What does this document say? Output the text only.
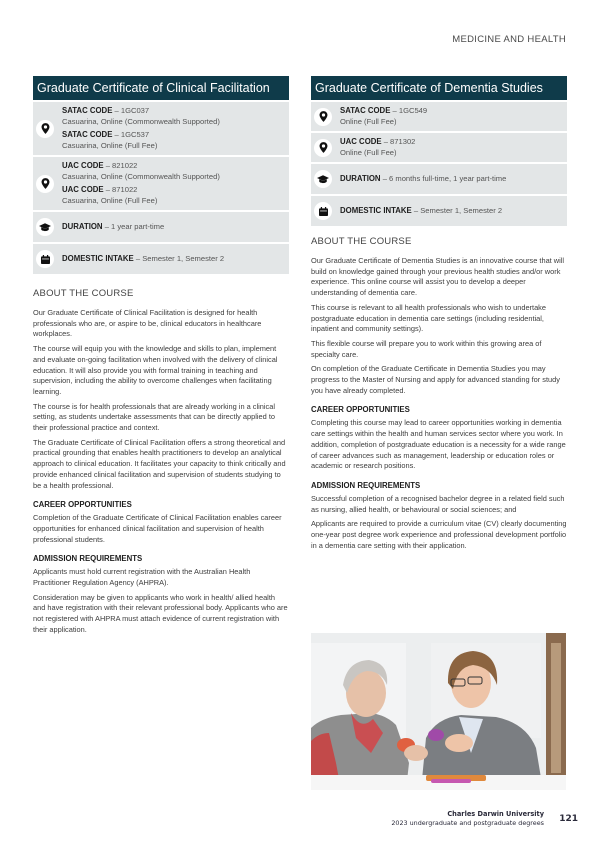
MEDICINE AND HEALTH
Graduate Certificate of Clinical Facilitation
SATAC CODE – 1GC037
Casuarina, Online (Commonwealth Supported)
SATAC CODE – 1GC537
Casuarina, Online (Full Fee)
UAC CODE – 821022
Casuarina, Online (Commonwealth Supported)
UAC CODE – 871022
Casuarina, Online (Full Fee)
DURATION – 1 year part-time
DOMESTIC INTAKE – Semester 1, Semester 2
ABOUT THE COURSE

Our Graduate Certificate of Clinical Facilitation is designed for health professionals who are, or aspire to be, clinical educators in healthcare workplaces.

The course will equip you with the knowledge and skills to plan, implement and evaluate on-going facilitation when involved with the delivery of clinical education. It will also provide you with formal training in teaching and supervision, including the ability to overcome challenges when facilitating learning.

The course is for health professionals that are already working in a clinical setting, as students undertake assessments that can be directly applied to their professional practice and context.

The Graduate Certificate of Clinical Facilitation offers a strong theoretical and practical grounding that enables health practitioners to develop an analytical approach to clinical education. It facilitates your capacity to think critically and provide enhanced clinical facilitation and supervision of students studying to be a health professional.

CAREER OPPORTUNITIES

Completion of the Graduate Certificate of Clinical Facilitation enables career opportunities for enhanced clinical facilitation and supervision of health professional students.

ADMISSION REQUIREMENTS

Applicants must hold current registration with the Australian Health Practitioner Regulation Agency (AHPRA).

Consideration may be given to applicants who work in health/ allied health and have registration with their relevant professional body. Applicants who are not registered with AHPRA must attach evidence of current registration with their application.

Graduate Certificate of Dementia Studies
SATAC CODE – 1GC549
Online (Full Fee)
UAC CODE – 871302
Online (Full Fee)
DURATION – 6 months full-time, 1 year part-time
DOMESTIC INTAKE – Semester 1, Semester 2
ABOUT THE COURSE

Our Graduate Certificate of Dementia Studies is an innovative course that will build on knowledge gained through your previous health studies and/or work experience. This online course will assist you to develop a deeper understanding of dementia care.

This course is relevant to all health professionals who wish to undertake postgraduate education in dementia care settings (including residential, inpatient and community settings).

This flexible course will prepare you to work within this growing area of specialty care.

On completion of the Graduate Certificate in Dementia Studies you may progress to the Master of Nursing and apply for advanced standing for study you have already completed.

CAREER OPPORTUNITIES

Completing this course may lead to career opportunities working in dementia care settings within the health and human services sector where you work. In addition, completion of postgraduate education is a necessity for a wide range of career advances such as management, leadership or education roles or academic or research positions.

ADMISSION REQUIREMENTS

Successful completion of a recognised bachelor degree in a related field such as nursing, allied health, or behavioural or social sciences; and

Applicants are required to provide a curriculum vitae (CV) clearly documenting one-year post degree work experience and professional development portfolio in a dementia care setting with their application.

Charles Darwin University
2023 undergraduate and postgraduate degrees 121
